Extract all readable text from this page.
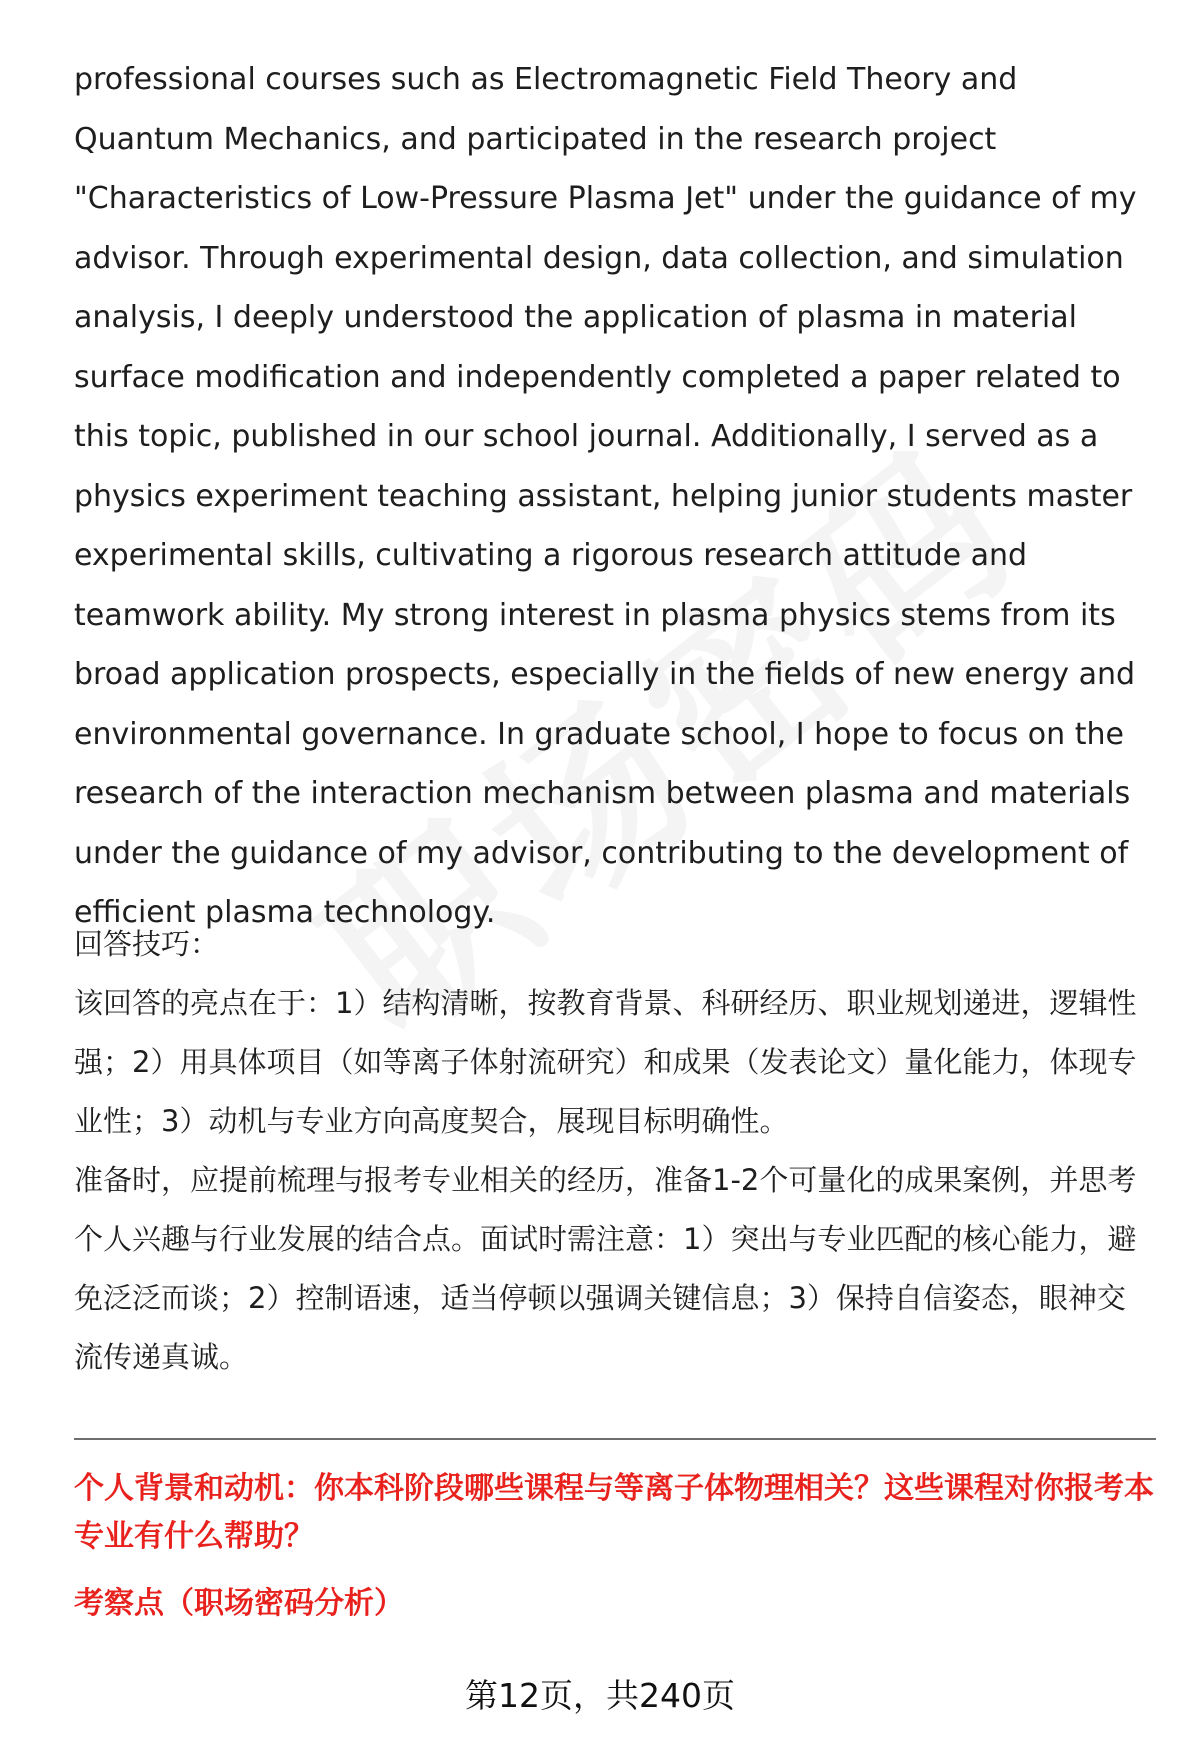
professional courses such as Electromagnetic Field Theory and Quantum Mechanics, and participated in the research project "Characteristics of Low-Pressure Plasma Jet" under the guidance of my advisor. Through experimental design, data collection, and simulation analysis, I deeply understood the application of plasma in material surface modification and independently completed a paper related to this topic, published in our school journal. Additionally, I served as a physics experiment teaching assistant, helping junior students master experimental skills, cultivating a rigorous research attitude and teamwork ability. My strong interest in plasma physics stems from its broad application prospects, especially in the fields of new energy and environmental governance. In graduate school, I hope to focus on the research of the interaction mechanism between plasma and materials under the guidance of my advisor, contributing to the development of efficient plasma technology.

回答技巧：

该回答的亮点在于：1）结构清晰，按教育背景、科研经历、职业规划递进，逻辑性强；2）用具体项目（如等离子体射流研究）和成果（发表论文）量化能力，体现专业性；3）动机与专业方向高度契合，展现目标明确性。

准备时，应提前梳理与报考专业相关的经历，准备1-2个可量化的成果案例，并思考个人兴趣与行业发展的结合点。面试时需注意：1）突出与专业匹配的核心能力，避免泛泛而谈；2）控制语速，适当停顿以强调关键信息；3）保持自信姿态，眼神交流传递真诚。

个人背景和动机：你本科阶段哪些课程与等离子体物理相关？这些课程对你报考本专业有什么帮助？

考察点（职场密码分析）

第12页，共240页
